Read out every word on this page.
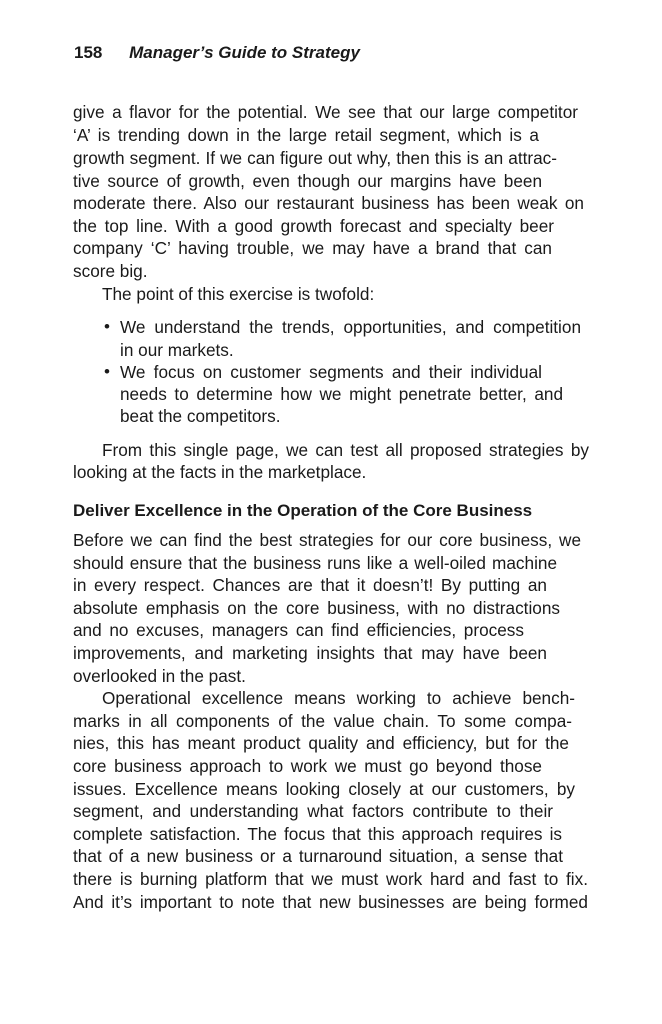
158 Manager’s Guide to Strategy
give a flavor for the potential. We see that our large competitor
‘A’ is trending down in the large retail segment, which is a
growth segment. If we can figure out why, then this is an attrac-
tive source of growth, even though our margins have been
moderate there. Also our restaurant business has been weak on
the top line. With a good growth forecast and specialty beer
company ‘C’ having trouble, we may have a brand that can
score big.
The point of this exercise is twofold:
• We understand the trends, opportunities, and competition
in our markets.
• We focus on customer segments and their individual
needs to determine how we might penetrate better, and
beat the competitors.
From this single page, we can test all proposed strategies by
looking at the facts in the marketplace.
Deliver Excellence in the Operation of the Core Business
Before we can find the best strategies for our core business, we
should ensure that the business runs like a well-oiled machine
in every respect. Chances are that it doesn’t! By putting an
absolute emphasis on the core business, with no distractions
and no excuses, managers can find efficiencies, process
improvements, and marketing insights that may have been
overlooked in the past.
Operational excellence means working to achieve bench-
marks in all components of the value chain. To some compa-
nies, this has meant product quality and efficiency, but for the
core business approach to work we must go beyond those
issues. Excellence means looking closely at our customers, by
segment, and understanding what factors contribute to their
complete satisfaction. The focus that this approach requires is
that of a new business or a turnaround situation, a sense that
there is burning platform that we must work hard and fast to fix.
And it’s important to note that new businesses are being formed
